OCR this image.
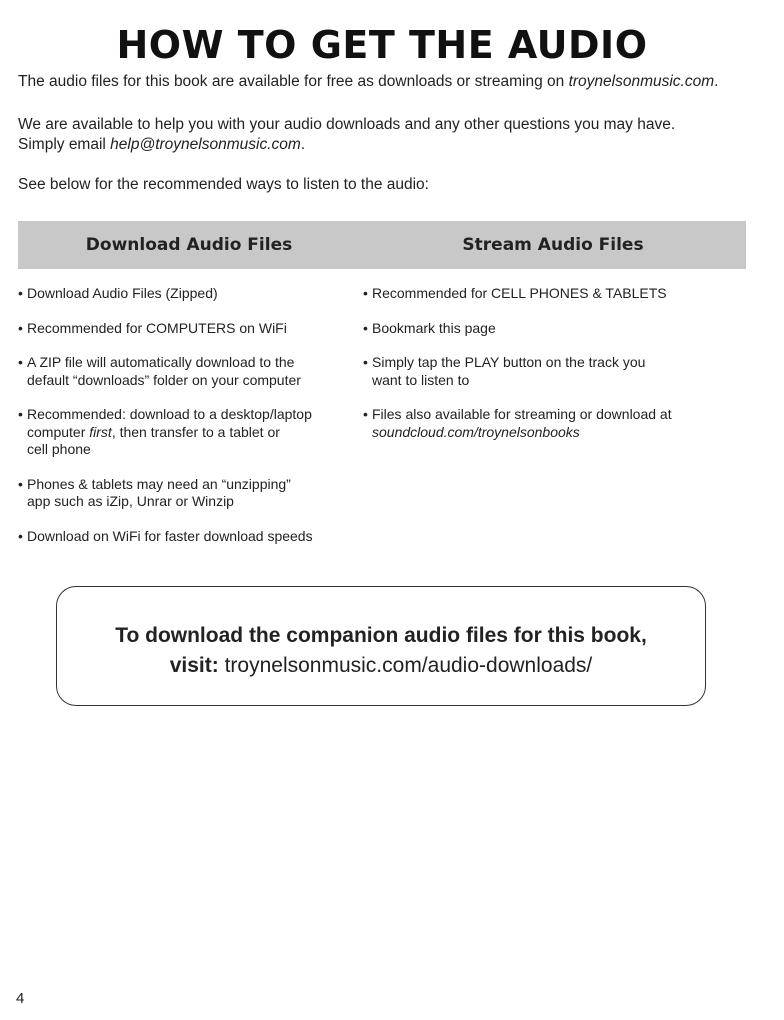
HOW TO GET THE AUDIO

The audio files for this book are available for free as downloads or streaming on troynelsonmusic.com.

We are available to help you with your audio downloads and any other questions you may have.
Simply email help@troynelsonmusic.com.

See below for the recommended ways to listen to the audio:

Download Audio Files	Stream Audio Files
• Download Audio Files (Zipped)
• Recommended for COMPUTERS on WiFi
• A ZIP file will automatically download to the
default “downloads” folder on your computer
• Recommended: download to a desktop/laptop
computer first, then transfer to a tablet or
cell phone
• Phones & tablets may need an “unzipping”
app such as iZip, Unrar or Winzip
• Download on WiFi for faster download speeds
• Recommended for CELL PHONES & TABLETS
• Bookmark this page
• Simply tap the PLAY button on the track you
want to listen to
• Files also available for streaming or download at
soundcloud.com/troynelsonbooks
To download the companion audio files for this book,
visit: troynelsonmusic.com/audio-downloads/
4
